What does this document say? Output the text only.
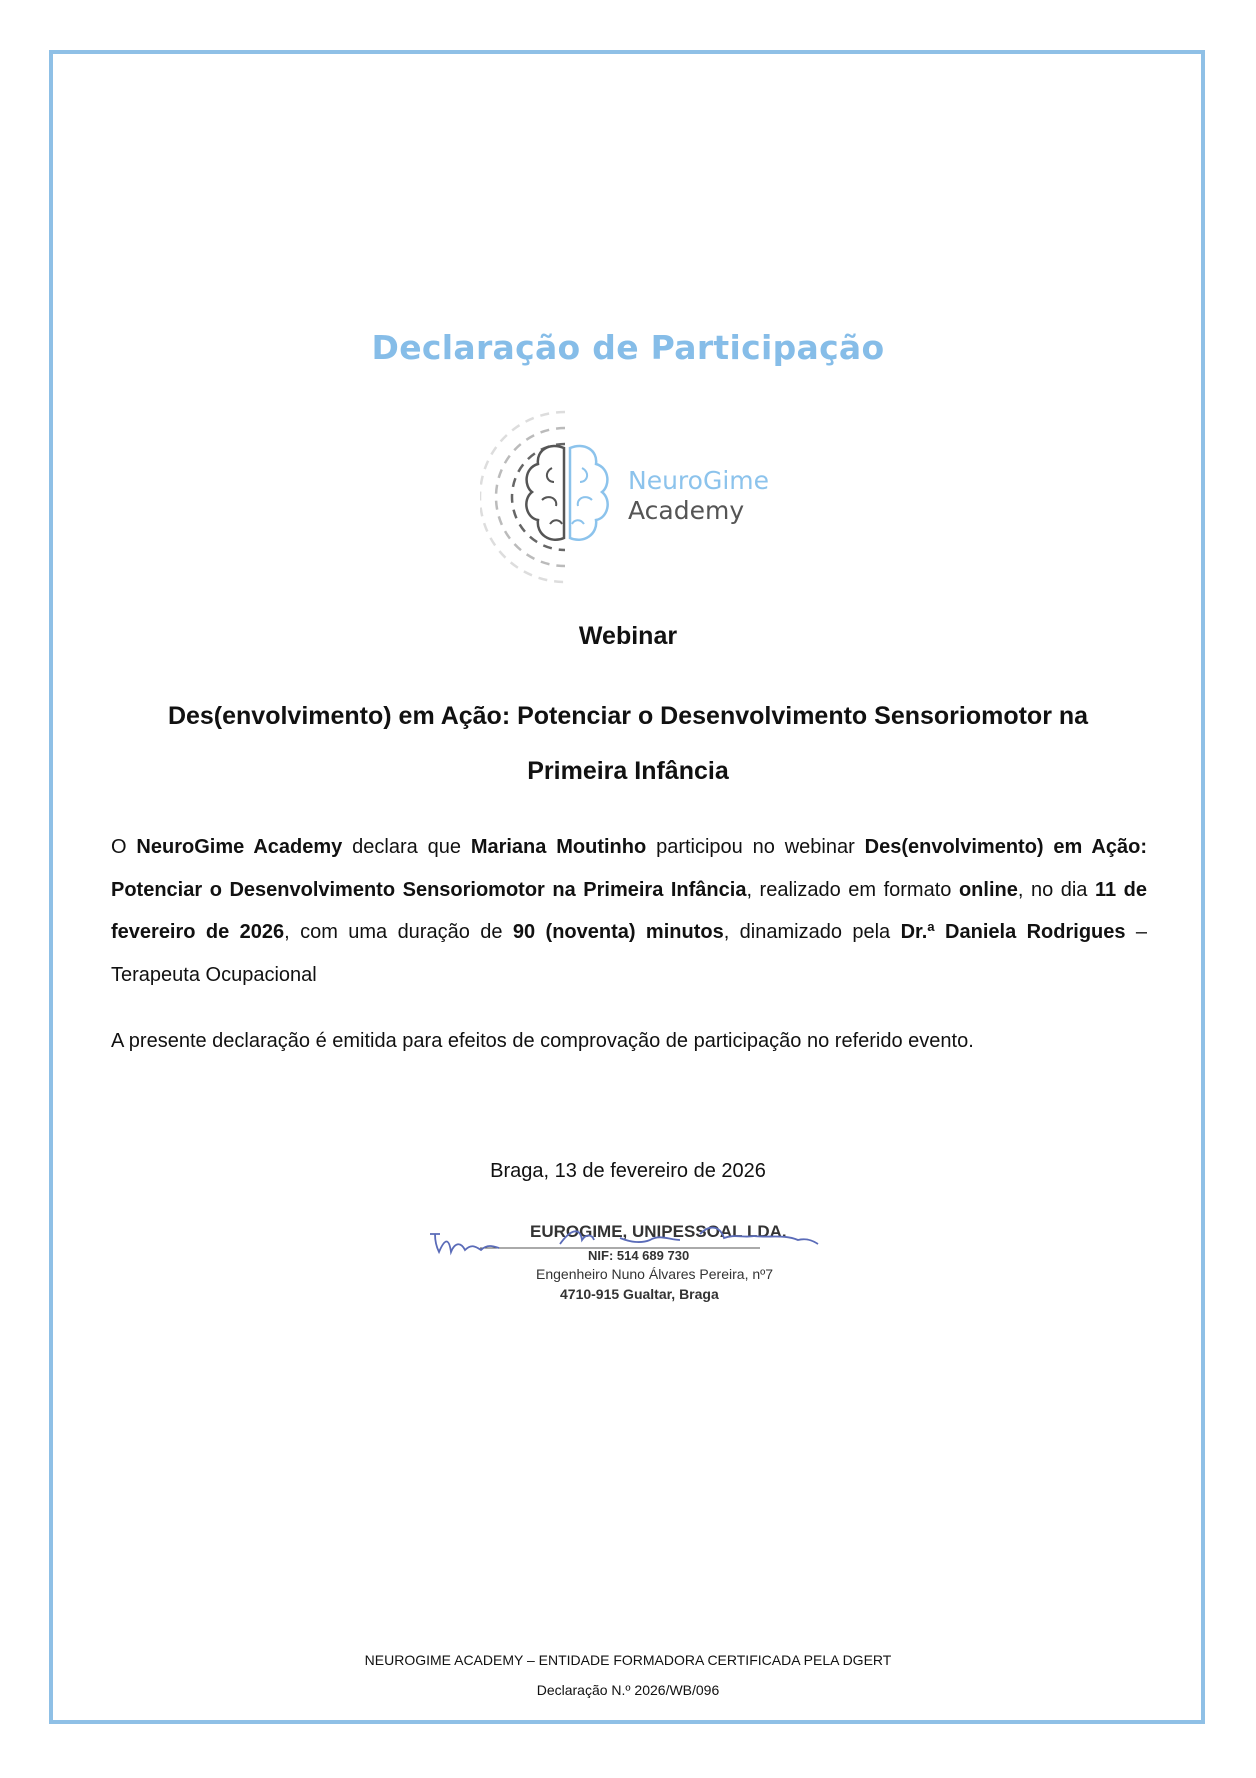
Declaração de Participação
NeuroGime
Academy
Webinar
Des(envolvimento) em Ação: Potenciar o Desenvolvimento Sensoriomotor na
Primeira Infância
O NeuroGime Academy declara que Mariana Moutinho participou no webinar Des(envolvimento) em Ação: Potenciar o Desenvolvimento Sensoriomotor na Primeira Infância, realizado em formato online, no dia 11 de fevereiro de 2026, com uma duração de 90 (noventa) minutos, dinamizado pela Dr.ª Daniela Rodrigues – Terapeuta Ocupacional
A presente declaração é emitida para efeitos de comprovação de participação no referido evento.
Braga, 13 de fevereiro de 2026
EUROGIME, UNIPESSOAL LDA.
NIF: 514 689 730
Engenheiro Nuno Álvares Pereira, nº7
4710-915 Gualtar, Braga
NEUROGIME ACADEMY – ENTIDADE FORMADORA CERTIFICADA PELA DGERT
Declaração N.º 2026/WB/096
